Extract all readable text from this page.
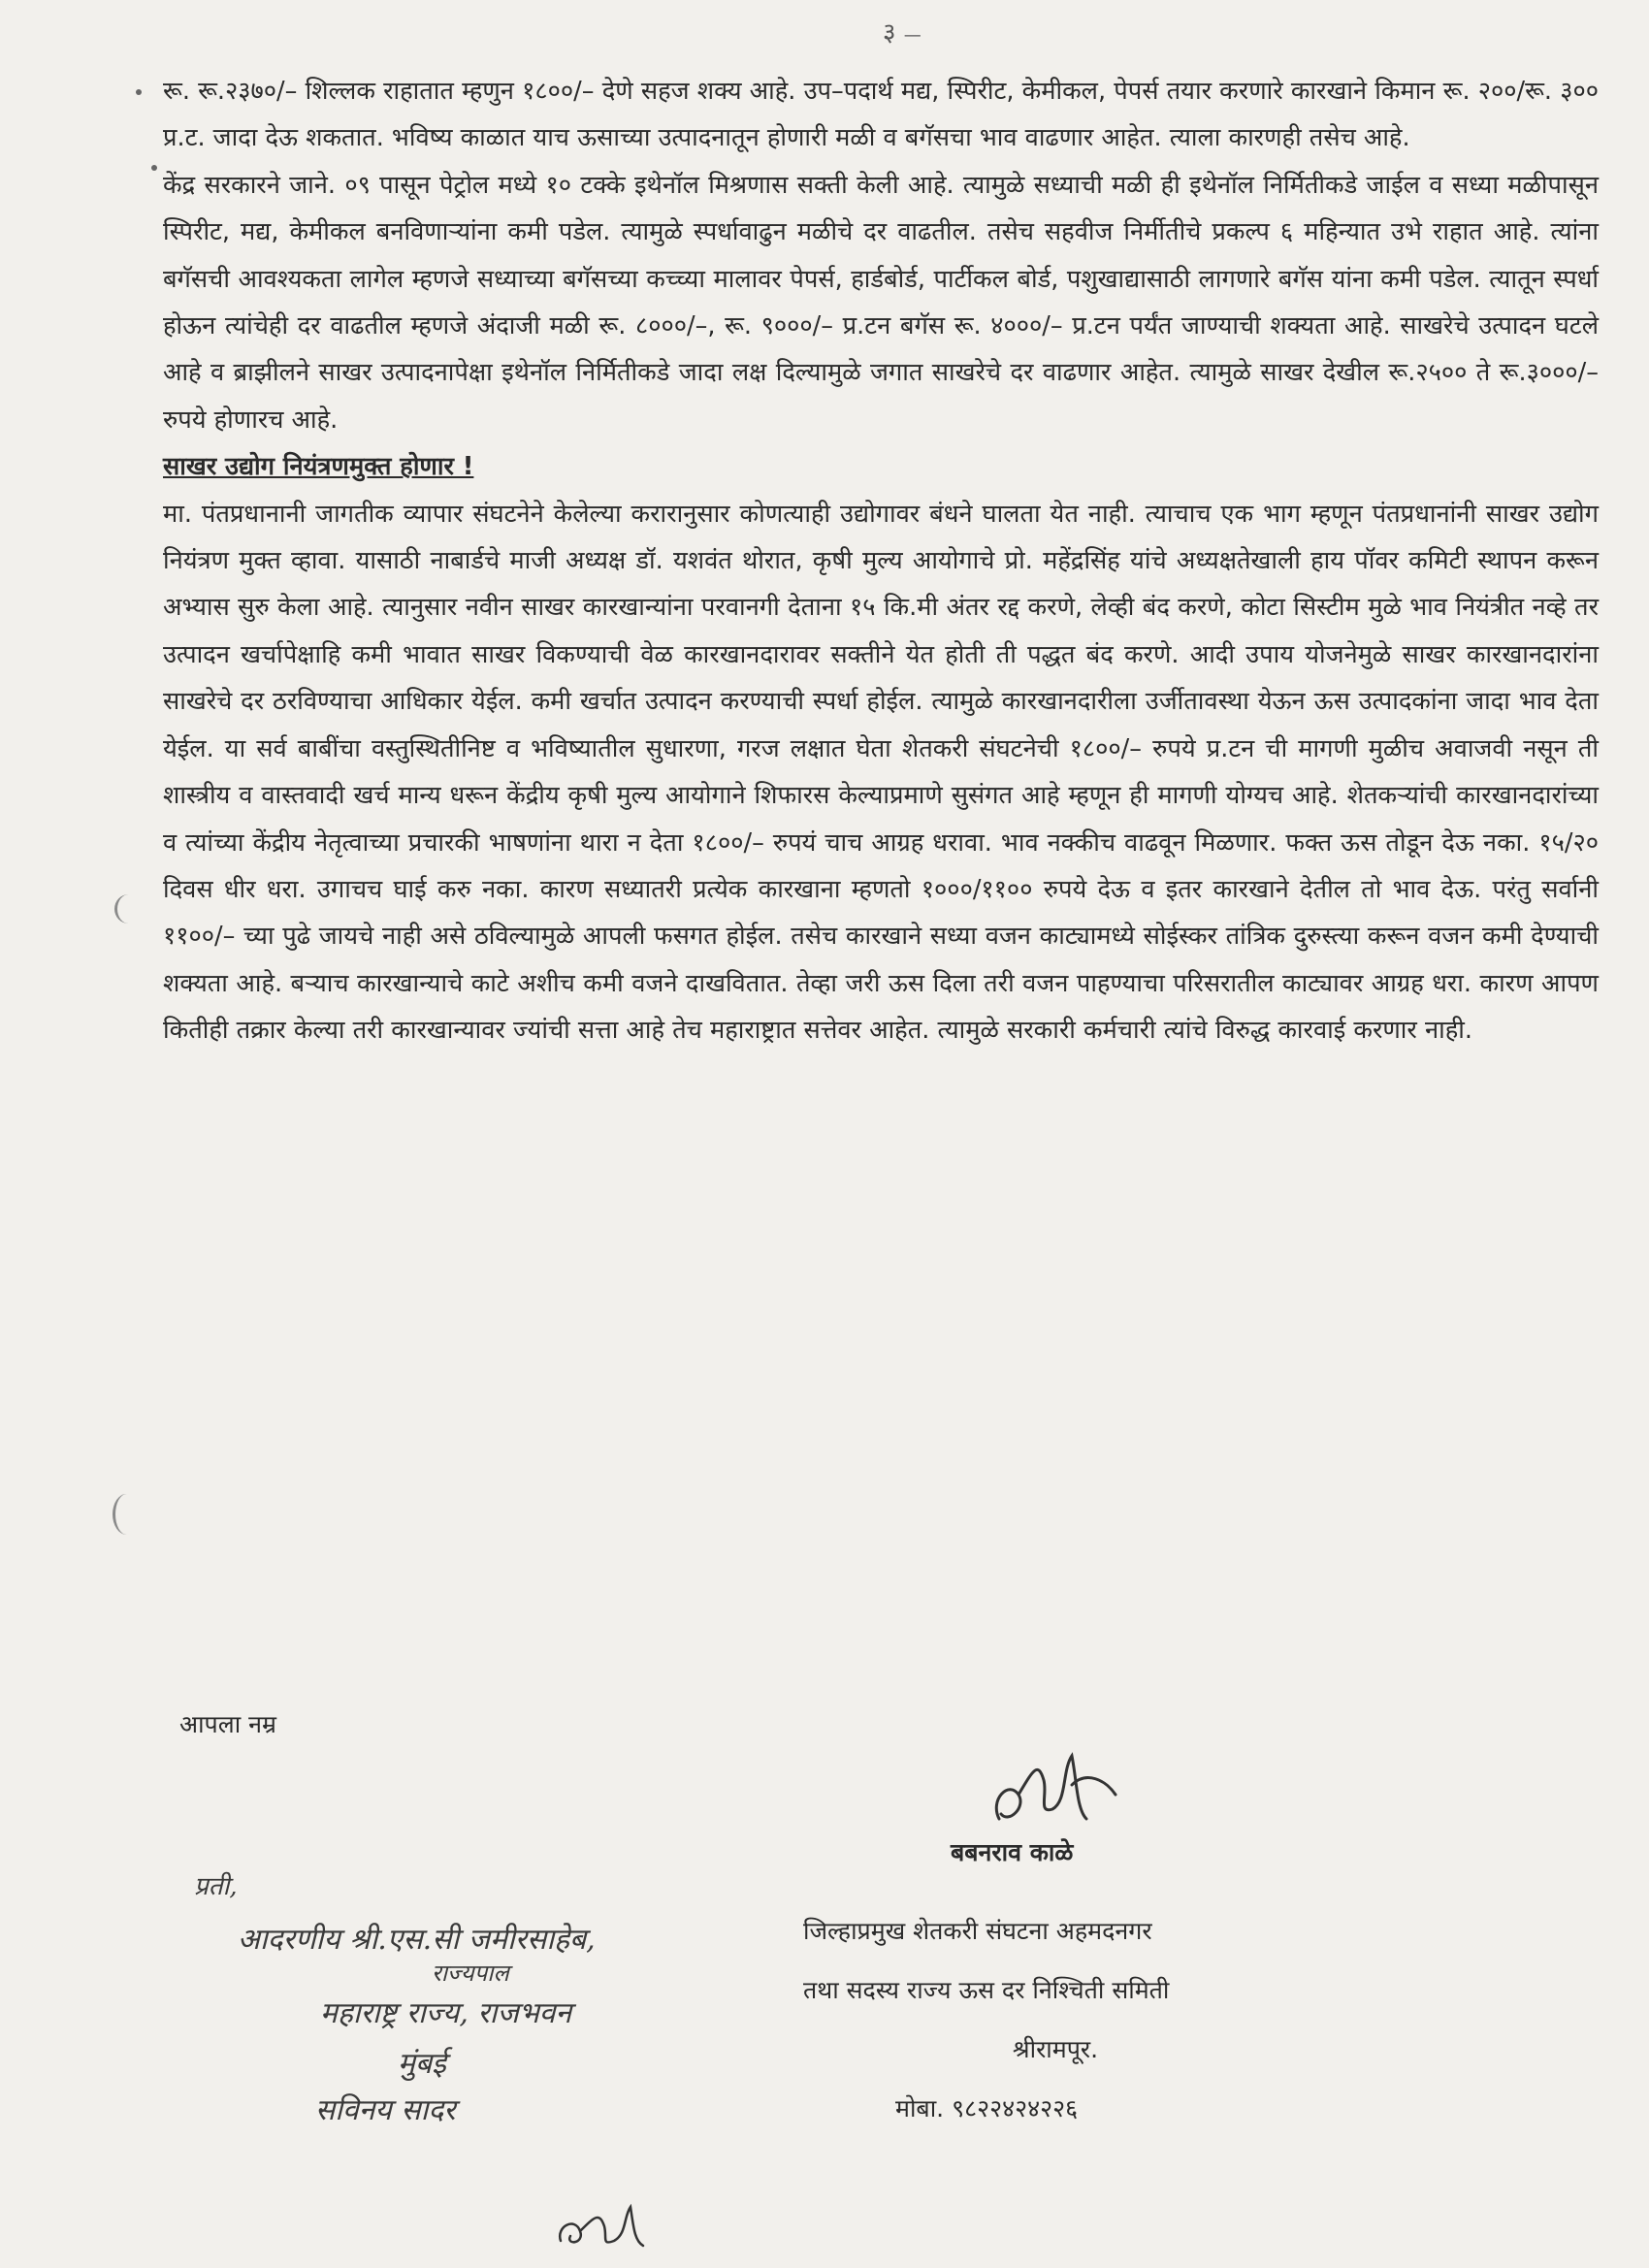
३ —

रू. रू.२३७०/– शिल्लक राहातात म्हणुन १८००/– देणे सहज शक्य आहे. उप–पदार्थ मद्य, स्पिरीट, केमीकल, पेपर्स तयार करणारे कारखाने किमान रू. २००/रू. ३०० प्र.ट. जादा देऊ शकतात. भविष्य काळात याच ऊसाच्या उत्पादनातून होणारी मळी व बगॅसचा भाव वाढणार आहेत. त्याला कारणही तसेच आहे.

केंद्र सरकारने जाने. ०९ पासून पेट्रोल मध्ये १० टक्के इथेनॉल मिश्रणास सक्ती केली आहे. त्यामुळे सध्याची मळी ही इथेनॉल निर्मितीकडे जाईल व सध्या मळीपासून स्पिरीट, मद्य, केमीकल बनविणाऱ्यांना कमी पडेल. त्यामुळे स्पर्धावाढुन मळीचे दर वाढतील. तसेच सहवीज निर्मीतीचे प्रकल्प ६ महिन्यात उभे राहात आहे. त्यांना बगॅसची आवश्यकता लागेल म्हणजे सध्याच्या बगॅसच्या कच्च्या मालावर पेपर्स, हार्डबोर्ड, पार्टीकल बोर्ड, पशुखाद्यासाठी लागणारे बगॅस यांना कमी पडेल. त्यातून स्पर्धा होऊन त्यांचेही दर वाढतील म्हणजे अंदाजी मळी रू. ८०००/–, रू. ९०००/– प्र.टन बगॅस रू. ४०००/– प्र.टन पर्यंत जाण्याची शक्यता आहे. साखरेचे उत्पादन घटले आहे व ब्राझीलने साखर उत्पादनापेक्षा इथेनॉल निर्मितीकडे जादा लक्ष दिल्यामुळे जगात साखरेचे दर वाढणार आहेत. त्यामुळे साखर देखील रू.२५०० ते रू.३०००/– रुपये होणारच आहे.

साखर उद्योग नियंत्रणमुक्त होणार !

मा. पंतप्रधानानी जागतीक व्यापार संघटनेने केलेल्या करारानुसार कोणत्याही उद्योगावर बंधने घालता येत नाही. त्याचाच एक भाग म्हणून पंतप्रधानांनी साखर उद्योग नियंत्रण मुक्त व्हावा. यासाठी नाबार्डचे माजी अध्यक्ष डॉ. यशवंत थोरात, कृषी मुल्य आयोगाचे प्रो. महेंद्रसिंह यांचे अध्यक्षतेखाली हाय पॉवर कमिटी स्थापन करून अभ्यास सुरु केला आहे. त्यानुसार नवीन साखर कारखान्यांना परवानगी देताना १५ कि.मी अंतर रद्द करणे, लेव्ही बंद करणे, कोटा सिस्टीम मुळे भाव नियंत्रीत नव्हे तर उत्पादन खर्चापेक्षाहि कमी भावात साखर विकण्याची वेळ कारखानदारावर सक्तीने येत होती ती पद्धत बंद करणे. आदी उपाय योजनेमुळे साखर कारखानदारांना साखरेचे दर ठरविण्याचा आधिकार येईल. कमी खर्चात उत्पादन करण्याची स्पर्धा होईल. त्यामुळे कारखानदारीला उर्जीतावस्था येऊन ऊस उत्पादकांना जादा भाव देता येईल. या सर्व बाबींचा वस्तुस्थितीनिष्ट व भविष्यातील सुधारणा, गरज लक्षात घेता शेतकरी संघटनेची १८००/– रुपये प्र.टन ची मागणी मुळीच अवाजवी नसून ती शास्त्रीय व वास्तवादी खर्च मान्य धरून केंद्रीय कृषी मुल्य आयोगाने शिफारस केल्याप्रमाणे सुसंगत आहे म्हणून ही मागणी योग्यच आहे. शेतकऱ्यांची कारखानदारांच्या व त्यांच्या केंद्रीय नेतृत्वाच्या प्रचारकी भाषणांना थारा न देता १८००/– रुपयं चाच आग्रह धरावा. भाव नक्कीच वाढवून मिळणार. फक्त ऊस तोडून देऊ नका. १५/२० दिवस धीर धरा. उगाचच घाई करु नका. कारण सध्यातरी प्रत्येक कारखाना म्हणतो १०००/११०० रुपये देऊ व इतर कारखाने देतील तो भाव देऊ. परंतु सर्वानी ११००/– च्या पुढे जायचे नाही असे ठविल्यामुळे आपली फसगत होईल. तसेच कारखाने सध्या वजन काट्यामध्ये सोईस्कर तांत्रिक दुरुस्त्या करून वजन कमी देण्याची शक्यता आहे. बऱ्याच कारखान्याचे काटे अशीच कमी वजने दाखवितात. तेव्हा जरी ऊस दिला तरी वजन पाहण्याचा परिसरातील काट्यावर आग्रह धरा. कारण आपण कितीही तक्रार केल्या तरी कारखान्यावर ज्यांची सत्ता आहे तेच महाराष्ट्रात सत्तेवर आहेत. त्यामुळे सरकारी कर्मचारी त्यांचे विरुद्ध कारवाई करणार नाही.

आपला नम्र
बबनराव काळे
जिल्हाप्रमुख शेतकरी संघटना अहमदनगर
तथा सदस्य राज्य ऊस दर निश्चिती समिती
श्रीरामपूर.
मोबा. ९८२२४२४२२६
प्रती,
आदरणीय श्री.एस.सी जमीरसाहेब,
राज्यपाल
महाराष्ट्र राज्य, राजभवन
मुंबई
सविनय सादर
